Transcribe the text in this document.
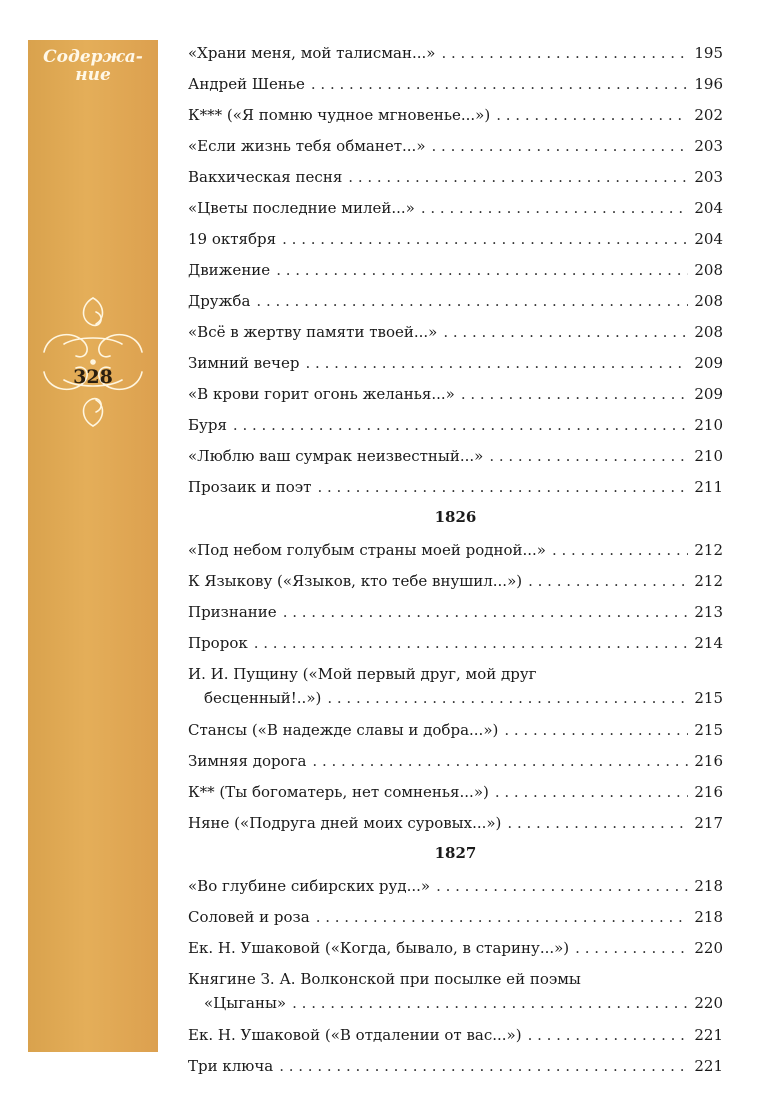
Содержа-
ние
328
«Храни меня, мой талисман...» . . .	195
Андрей Шенье . . .	196
К*** («Я помню чудное мгновенье...») . . .	202
«Если жизнь тебя обманет...» . . .	203
Вакхическая песня . . .	203
«Цветы последние милей...» . . .	204
19 октября . . .	204
Движение . . .	208
Дружба . . .	208
«Всё в жертву памяти твоей...» . . .	208
Зимний вечер . . .	209
«В крови горит огонь желанья...» . . .	209
Буря . . .	210
«Люблю ваш сумрак неизвестный...» . . .	210
Прозаик и поэт . . .	211
1826
«Под небом голубым страны моей родной...» . . .	212
К Языкову («Языков, кто тебе внушил...») . . .	212
Признание . . .	213
Пророк . . .	214
И. И. Пущину («Мой первый друг, мой друг
бесценный!..») . . .	215
Стансы («В надежде славы и добра...») . . .	215
Зимняя дорога . . .	216
К** (Ты богоматерь, нет сомненья...») . . .	216
Няне («Подруга дней моих суровых...») . . .	217
1827
«Во глубине сибирских руд...» . . .	218
Соловей и роза . . .	218
Ек. Н. Ушаковой («Когда, бывало, в старину...») . . .	220
Княгине З. А. Волконской при посылке ей поэмы
«Цыганы» . . .	220
Ек. Н. Ушаковой («В отдалении от вас...») . . .	221
Три ключа . . .	221
